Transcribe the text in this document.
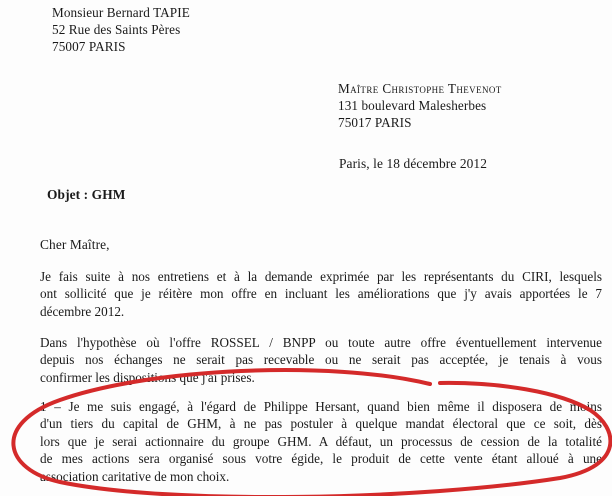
Monsieur Bernard TAPIE
52 Rue des Saints Pères
75007 PARIS
Maître Christophe Thevenot
131 boulevard Malesherbes
75017 PARIS
Paris, le 18 décembre 2012
Objet : GHM
Cher Maître,
Je fais suite à nos entretiens et à la demande exprimée par les représentants du CIRI, lesquels
ont sollicité que je réitère mon offre en incluant les améliorations que j'y avais apportées le 7
décembre 2012.
Dans l'hypothèse où l'offre ROSSEL / BNPP ou toute autre offre éventuellement intervenue
depuis nos échanges ne serait pas recevable ou ne serait pas acceptée, je tenais à vous
confirmer les dispositions que j'ai prises.
1 – Je me suis engagé, à l'égard de Philippe Hersant, quand bien même il disposera de moins
d'un tiers du capital de GHM, à ne pas postuler à quelque mandat électoral que ce soit, dès
lors que je serai actionnaire du groupe GHM. A défaut, un processus de cession de la totalité
de mes actions sera organisé sous votre égide, le produit de cette vente étant alloué à une
association caritative de mon choix.
